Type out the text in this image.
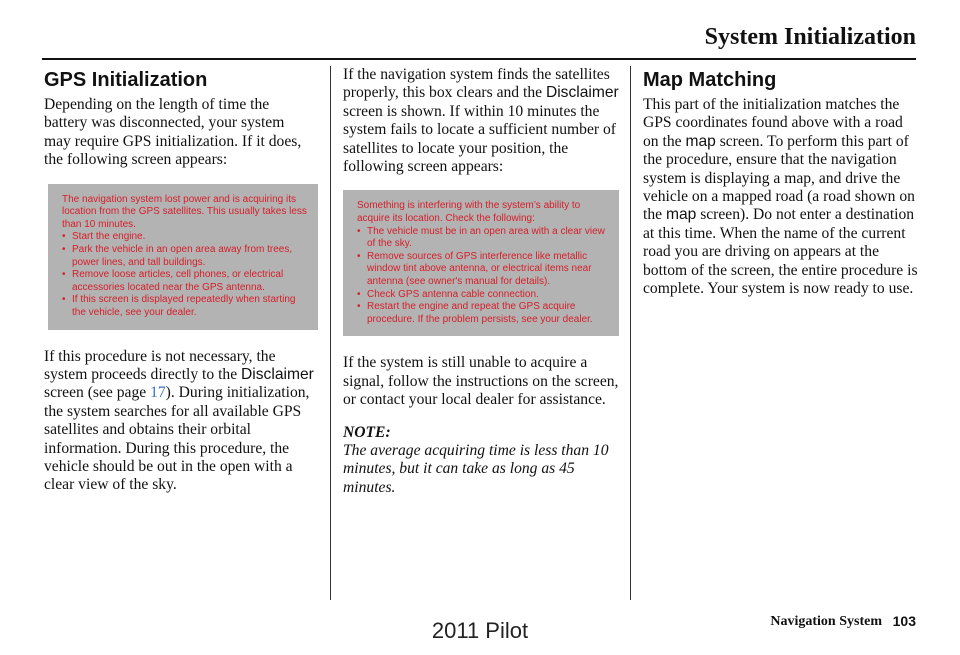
System Initialization
GPS Initialization

Depending on the length of time the battery was disconnected, your system may require GPS initialization. If it does, the following screen appears:

The navigation system lost power and is acquiring its location from the GPS satellites. This usually takes less than 10 minutes.
• Start the engine.
• Park the vehicle in an open area away from trees, power lines, and tall buildings.
• Remove loose articles, cell phones, or electrical accessories located near the GPS antenna.
• If this screen is displayed repeatedly when starting the vehicle, see your dealer.

If this procedure is not necessary, the system proceeds directly to the Disclaimer screen (see page 17). During initialization, the system searches for all available GPS satellites and obtains their orbital information. During this procedure, the vehicle should be out in the open with a clear view of the sky.

If the navigation system finds the satellites properly, this box clears and the Disclaimer screen is shown. If within 10 minutes the system fails to locate a sufficient number of satellites to locate your position, the following screen appears:

Something is interfering with the system’s ability to acquire its location. Check the following:
• The vehicle must be in an open area with a clear view of the sky.
• Remove sources of GPS interference like metallic window tint above antenna, or electrical items near antenna (see owner's manual for details).
• Check GPS antenna cable connection.
• Restart the engine and repeat the GPS acquire procedure. If the problem persists, see your dealer.

If the system is still unable to acquire a signal, follow the instructions on the screen, or contact your local dealer for assistance.

NOTE:

The average acquiring time is less than 10 minutes, but it can take as long as 45 minutes.

Map Matching

This part of the initialization matches the GPS coordinates found above with a road on the map screen. To perform this part of the procedure, ensure that the navigation system is displaying a map, and drive the vehicle on a mapped road (a road shown on the map screen). Do not enter a destination at this time. When the name of the current road you are driving on appears at the bottom of the screen, the entire procedure is complete. Your system is now ready to use.

Navigation System 103
2011 Pilot
